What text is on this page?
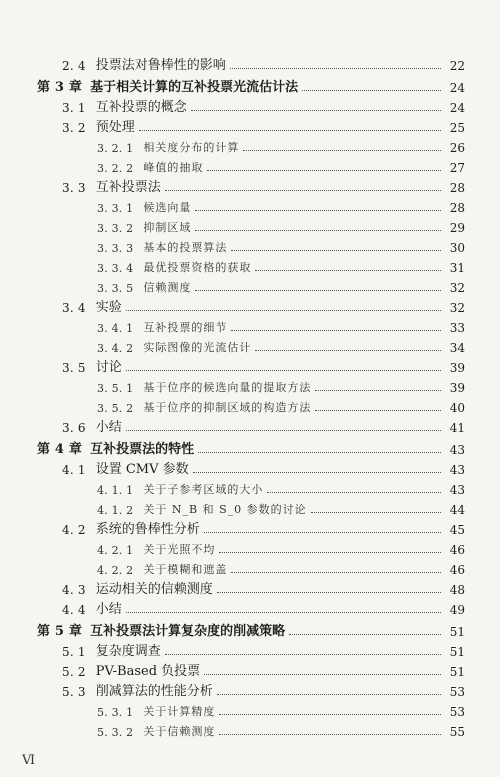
2. 4 投票法对鲁棒性的影响	22
第 3 章 基于相关计算的互补投票光流估计法	24
3. 1 互补投票的概念	24
3. 2 预处理	25
3. 2. 1 相关度分布的计算	26
3. 2. 2 峰值的抽取	27
3. 3 互补投票法	28
3. 3. 1 候选向量	28
3. 3. 2 抑制区域	29
3. 3. 3 基本的投票算法	30
3. 3. 4 最优投票资格的获取	31
3. 3. 5 信赖测度	32
3. 4 实验	32
3. 4. 1 互补投票的细节	33
3. 4. 2 实际图像的光流估计	34
3. 5 讨论	39
3. 5. 1 基于位序的候选向量的提取方法	39
3. 5. 2 基于位序的抑制区域的构造方法	40
3. 6 小结	41
第 4 章 互补投票法的特性	43
4. 1 设置 CMV 参数	43
4. 1. 1 关于子参考区域的大小	43
4. 1. 2 关于 N_B 和 S_0 参数的讨论	44
4. 2 系统的鲁棒性分析	45
4. 2. 1 关于光照不均	46
4. 2. 2 关于模糊和遮盖	46
4. 3 运动相关的信赖测度	48
4. 4 小结	49
第 5 章 互补投票法计算复杂度的削减策略	51
5. 1 复杂度调查	51
5. 2 PV-Based 负投票	51
5. 3 削减算法的性能分析	53
5. 3. 1 关于计算精度	53
5. 3. 2 关于信赖测度	55
Ⅵ
